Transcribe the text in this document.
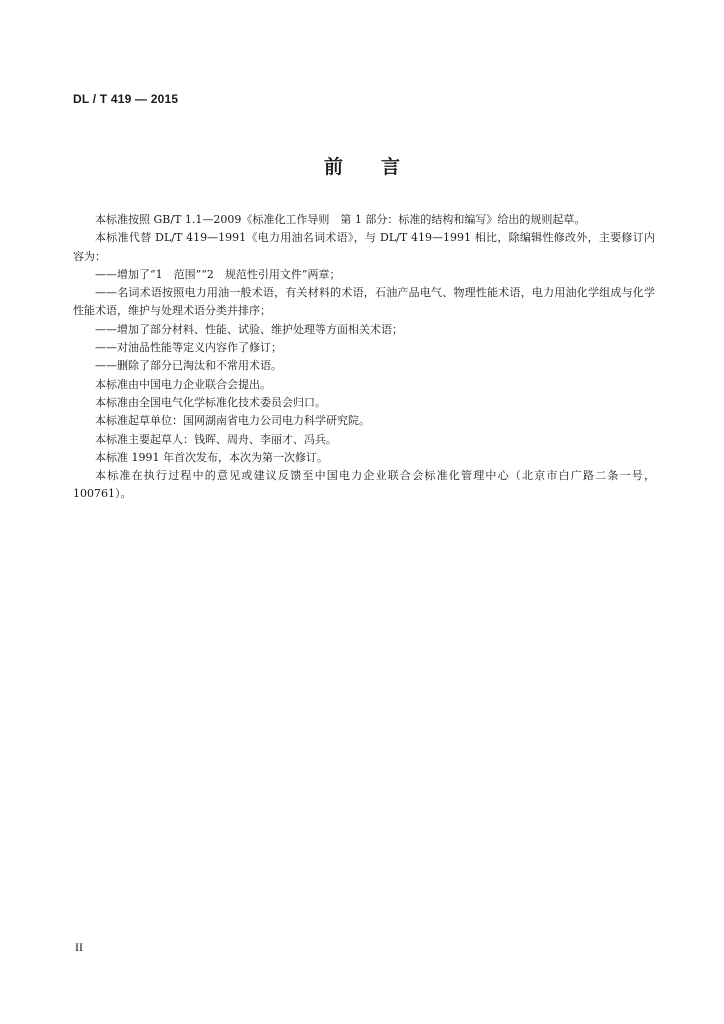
DL / T 419 — 2015
前言

本标准按照 GB/T 1.1—2009《标准化工作导则　第 1 部分：标准的结构和编写》给出的规则起草。

本标准代替 DL/T 419—1991《电力用油名词术语》，与 DL/T 419—1991 相比，除编辑性修改外，主要修订内容为：

——增加了“1　范围”“2　规范性引用文件”两章；

——名词术语按照电力用油一般术语，有关材料的术语，石油产品电气、物理性能术语，电力用油化学组成与化学性能术语，维护与处理术语分类并排序；

——增加了部分材料、性能、试验、维护处理等方面相关术语；

——对油品性能等定义内容作了修订；

——删除了部分已淘汰和不常用术语。

本标准由中国电力企业联合会提出。

本标准由全国电气化学标准化技术委员会归口。

本标准起草单位：国网湖南省电力公司电力科学研究院。

本标准主要起草人：钱晖、周舟、李丽才、冯兵。

本标准 1991 年首次发布，本次为第一次修订。

本标准在执行过程中的意见或建议反馈至中国电力企业联合会标准化管理中心（北京市白广路二条一号，100761）。

II
